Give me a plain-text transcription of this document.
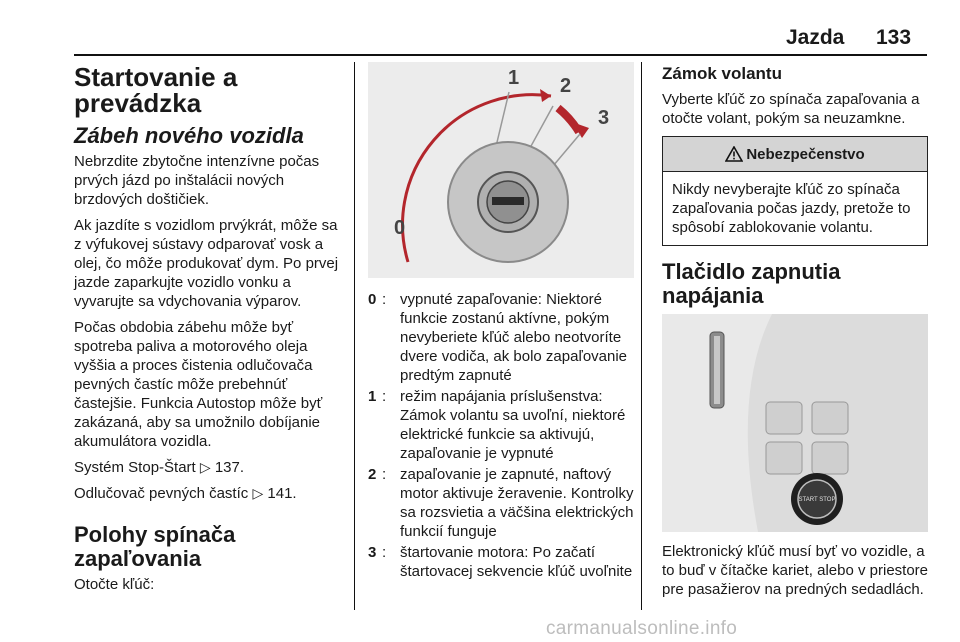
Jazda 133
Startovanie a prevádzka
Zábeh nového vozidla

Nebrzdite zbytočne intenzívne počas prvých jázd po inštalácii nových brzdových doštičiek.

Ak jazdíte s vozidlom prvýkrát, môže sa z výfukovej sústavy odparovať vosk a olej, čo môže produkovať dym. Po prvej jazde zaparkujte vozidlo vonku a vyvarujte sa vdychovania výparov.

Počas obdobia zábehu môže byť spotreba paliva a motorového oleja vyššia a proces čistenia odlučovača pevných častíc môže prebehnúť častejšie. Funkcia Autostop môže byť zakázaná, aby sa umožnilo dobíjanie akumulátora vozidla.

Systém Stop-Štart ▷ 137.

Odlučovač pevných častíc ▷ 141.

Polohy spínača zapaľovania

Otočte kľúč:

1 2
3
0
0 : vypnuté zapaľovanie: Niektoré funkcie zostanú aktívne, pokým nevyberiete kľúč alebo neotvoríte dvere vodiča, ak bolo zapaľovanie predtým zapnuté
1 : režim napájania príslušenstva: Zámok volantu sa uvoľní, niektoré elektrické funkcie sa aktivujú, zapaľovanie je vypnuté
2 : zapaľovanie je zapnuté, naftový motor aktivuje žeravenie. Kontrolky sa rozsvietia a väčšina elektrických funkcií funguje
3 : štartovanie motora: Po začatí štartovacej sekvencie kľúč uvoľnite
Zámok volantu

Vyberte kľúč zo spínača zapaľovania a otočte volant, pokým sa neuzamkne.

Nebezpečenstvo
Nikdy nevyberajte kľúč zo spínača zapaľovania počas jazdy, pretože to spôsobí zablokovanie volantu.
Tlačidlo zapnutia napájania
START STOP

Elektronický kľúč musí byť vo vozidle, a to buď v čítačke kariet, alebo v priestore pre pasažierov na predných sedadlách.

carmanualsonline.info
